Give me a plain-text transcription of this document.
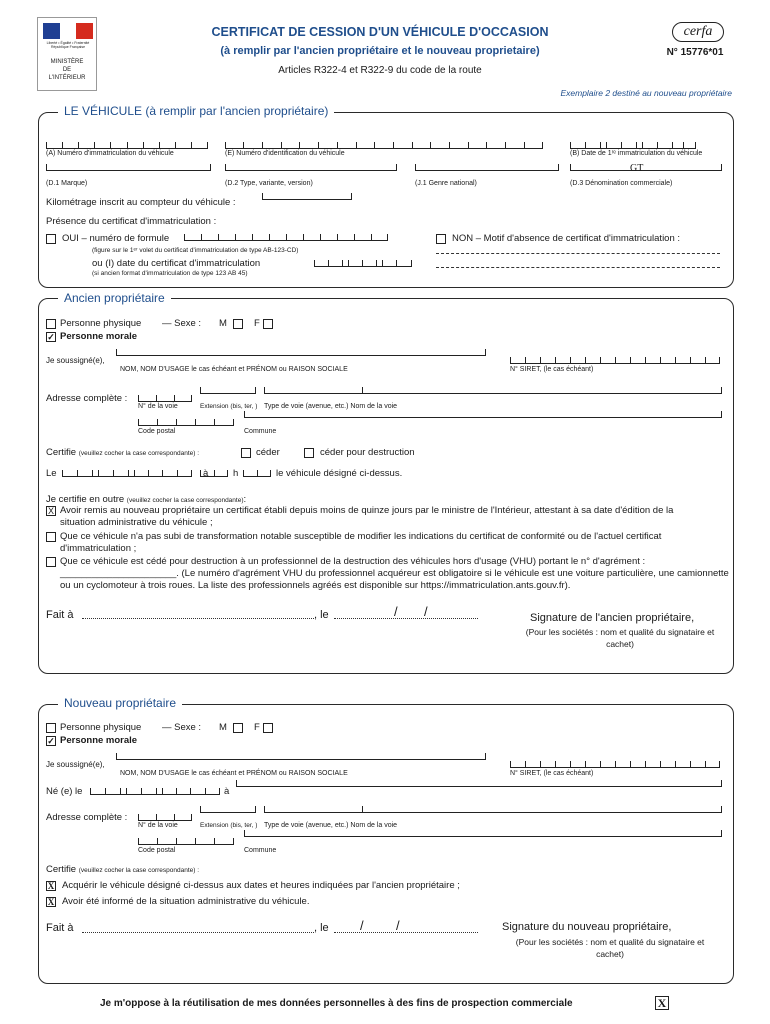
Liberté • Égalité • Fraternité
République Française
MINISTÈRE
DE
L'INTÉRIEUR
CERTIFICAT DE CESSION D'UN VÉHICULE D'OCCASION
(à remplir par l'ancien propriétaire et le nouveau proprietaire)
Articles R322-4 et R322-9 du code de la route
cerfa
N° 15776*01
Exemplaire 2 destiné au nouveau propriétaire
LE VÉHICULE (à remplir par l'ancien propriétaire)
(A) Numéro d'immatriculation du véhicule	(E) Numéro d'identification du véhicule	(B) Date de 1ʳᵉ immatriculation du véhicule
GT
(D.1 Marque)	(D.2 Type, variante, version)	(J.1 Genre national)	(D.3 Dénomination commerciale)
Kilométrage inscrit au compteur du véhicule :
Présence du certificat d'immatriculation :
OUI – numéro de formule
(figure sur le 1ᵉʳ volet du certificat d'immatriculation de type AB-123-CD)
ou (I) date du certificat d'immatriculation
(si ancien format d'immatriculation de type 123 AB 45)
NON – Motif d'absence de certificat d'immatriculation :
Ancien propriétaire
Personne physique — Sexe : M	F
✓ Personne morale
Je soussigné(e),
NOM, NOM D'USAGE le cas échéant et PRÉNOM ou RAISON SOCIALE	N° SIRET, (le cas échéant)
Adresse complète :
N° de la voie	Extension (bis, ter, ) Type de voie (avenue, etc.) Nom de la voie
Code postal	Commune
Certifie (veuillez cocher la case correspondante) :	céder	céder pour destruction
Le	à	h	le véhicule désigné ci-dessus.
Je certifie en outre (veuillez cocher la case correspondante):
X Avoir remis au nouveau propriétaire un certificat établi depuis moins de quinze jours par le ministre de l'Intérieur, attestant à sa date d'édition de la situation administrative du véhicule ;
Que ce véhicule n'a pas subi de transformation notable susceptible de modifier les indications du certificat de conformité ou de l'actuel certificat d'immatriculation ;
Que ce véhicule est cédé pour destruction à un professionnel de la destruction des véhicules hors d'usage (VHU) portant le n° d'agrément : ______________________. (Le numéro d'agrément VHU du professionnel acquéreur est obligatoire si le véhicule est une voiture particulière, une camionnette ou un cyclomoteur à trois roues. La liste des professionnels agréés est disponible sur https://immatriculation.ants.gouv.fr).
Fait à	, le	/ /	Signature de l'ancien propriétaire,
(Pour les sociétés : nom et qualité du signataire et cachet)
Nouveau propriétaire
Personne physique — Sexe : M	F
✓ Personne morale
Je soussigné(e),
NOM, NOM D'USAGE le cas échéant et PRÉNOM ou RAISON SOCIALE	N° SIRET, (le cas échéant)
Né (e) le	à
Adresse complète :
N° de la voie	Extension (bis, ter, ) Type de voie (avenue, etc.) Nom de la voie
Code postal	Commune
Certifie (veuillez cocher la case correspondante) :
X Acquérir le véhicule désigné ci-dessus aux dates et heures indiquées par l'ancien propriétaire ;
X Avoir été informé de la situation administrative du véhicule.
Fait à	, le / /	Signature du nouveau propriétaire,
(Pour les sociétés : nom et qualité du signataire et cachet)
Je m'oppose à la réutilisation de mes données personnelles à des fins de prospection commerciale	X
